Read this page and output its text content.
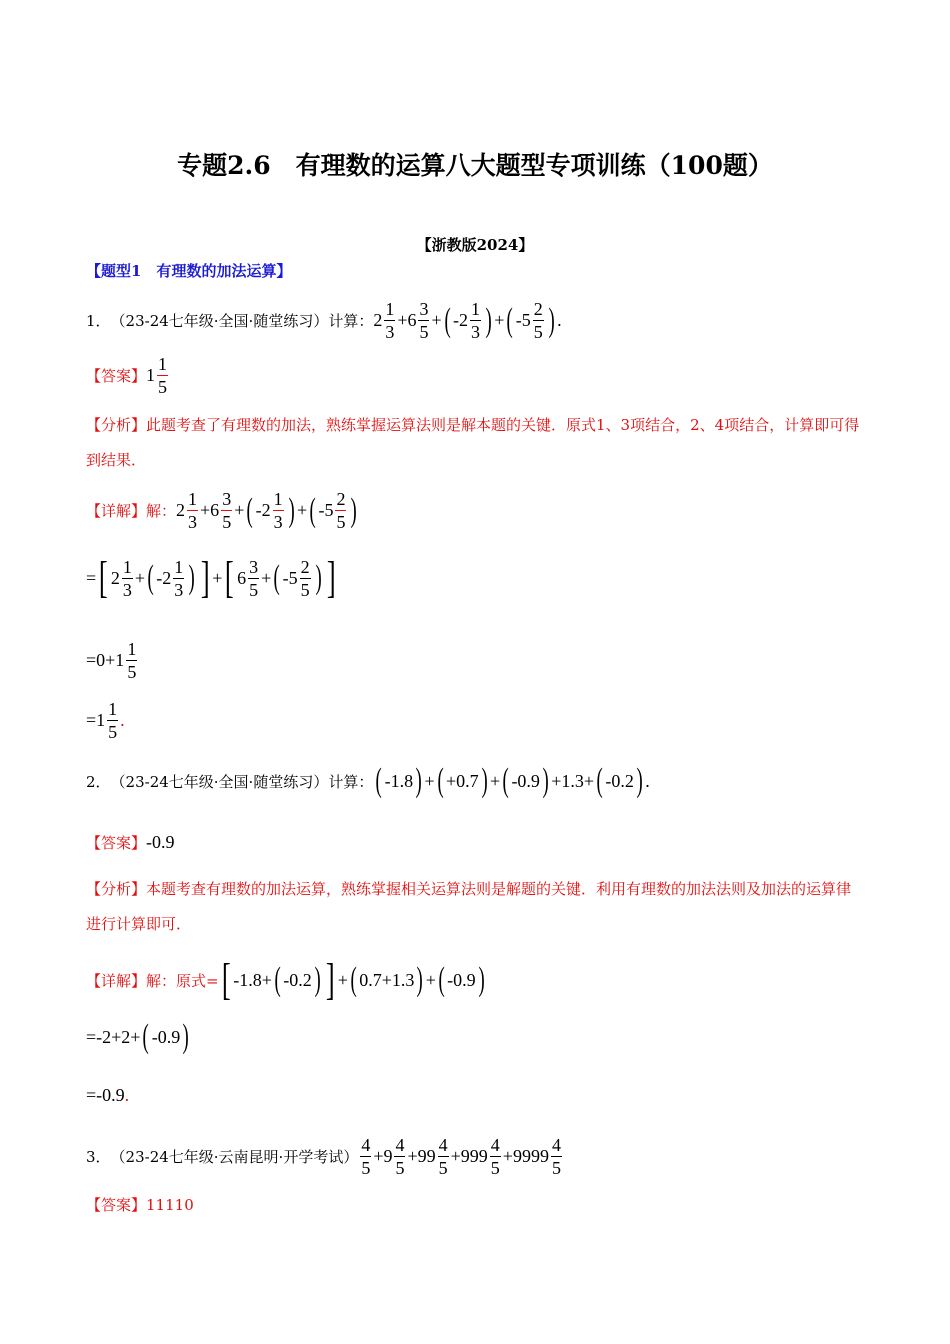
专题2.6　有理数的运算八大题型专项训练（100题）
【浙教版2024】
【题型1　有理数的加法运算】
1． （23-24七年级·全国·随堂练习）计算： $2 \frac{1}{3} +6 \frac{3}{5}$ + ( $-2 \frac{1}{3}$ ) + ( $-5 \frac{2}{5}$ ) .
【答案】 $1 \frac{1}{5}$
【分析】此题考查了有理数的加法，熟练掌握运算法则是解本题的关键．原式1、3项结合，2、4项结合，计算即可得到结果．
【详解】 解： $2 \frac{1}{3} +6 \frac{3}{5}$ + ( $-2 \frac{1}{3}$ ) + ( $-5 \frac{2}{5}$ )
= [ $2 \frac{1}{3}$ + ( $-2 \frac{1}{3}$ ) ] + [ $6 \frac{3}{5}$ + ( $-5 \frac{2}{5}$ ) ]
$=0+1 \frac{1}{5}$
$=1 \frac{1}{5}$ .
2． （23-24七年级·全国·随堂练习）计算： ( -1.8 ) + ( +0.7 ) + ( -0.9 ) +1.3+ ( -0.2 ) .
【答案】 -0.9
【分析】本题考查有理数的加法运算，熟练掌握相关运算法则是解题的关键．利用有理数的加法法则及加法的运算律进行计算即可．
【详解】 解：原式= [ -1.8+ ( -0.2 ) ] + ( 0.7+1.3 ) + ( -0.9 )
=-2+2+ ( -0.9 )
=-0.9 .
3． （23-24七年级·云南昆明·开学考试） $\frac{4}{5} +9 \frac{4}{5} +99 \frac{4}{5} +999 \frac{4}{5} +9999 \frac{4}{5}$
【答案】 11110
